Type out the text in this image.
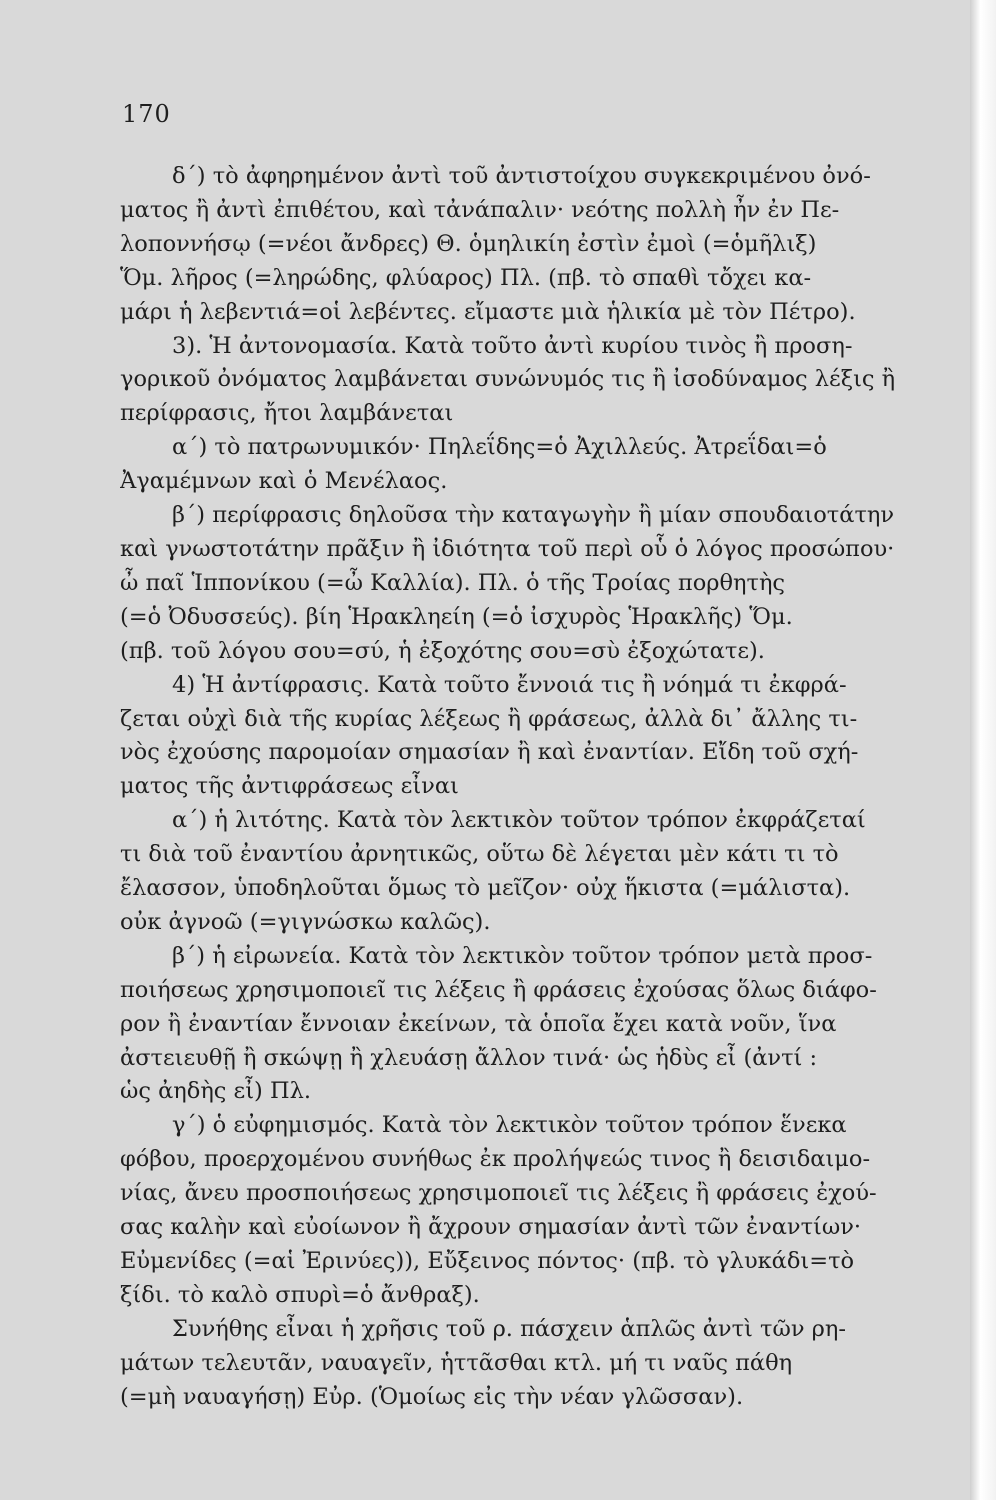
170
δ΄) τὸ ἀφηρημένον ἀντὶ τοῦ ἀντιστοίχου συγκεκριμένου ὀνό-
ματος ἢ ἀντὶ ἐπιθέτου, καὶ τἀνάπαλιν· νεότης πολλὴ ἦν ἐν Πε-
λοποννήσῳ (=νέοι ἄνδρες) Θ. ὁμηλικίη ἐστὶν ἐμοὶ (=ὁμῆλιξ)
Ὅμ. λῆρος (=ληρώδης, φλύαρος) Πλ. (πβ. τὸ σπαθὶ τὄχει κα-
μάρι ἡ λεβεντιά=οἱ λεβέντες. εἴμαστε μιὰ ἡλικία μὲ τὸν Πέτρο).
3). Ἡ ἀντονομασία. Κατὰ τοῦτο ἀντὶ κυρίου τινὸς ἢ προση-
γορικοῦ ὀνόματος λαμβάνεται συνώνυμός τις ἢ ἰσοδύναμος λέξις ἢ
περίφρασις, ἤτοι λαμβάνεται
α΄) τὸ πατρωνυμικόν· Πηλεΐδης=ὁ Ἀχιλλεύς. Ἀτρεΐδαι=ὁ
Ἀγαμέμνων καὶ ὁ Μενέλαος.
β΄) περίφρασις δηλοῦσα τὴν καταγωγὴν ἢ μίαν σπουδαιοτάτην
καὶ γνωστοτάτην πρᾶξιν ἢ ἰδιότητα τοῦ περὶ οὗ ὁ λόγος προσώπου·
ὦ παῖ Ἱππονίκου (=ὦ Καλλία). Πλ. ὁ τῆς Τροίας πορθητὴς
(=ὁ Ὀδυσσεύς). βίη Ἡρακληείη (=ὁ ἰσχυρὸς Ἡρακλῆς) Ὅμ.
(πβ. τοῦ λόγου σου=σύ, ἡ ἐξοχότης σου=σὺ ἐξοχώτατε).
4) Ἡ ἀντίφρασις. Κατὰ τοῦτο ἔννοιά τις ἢ νόημά τι ἐκφρά-
ζεται οὐχὶ διὰ τῆς κυρίας λέξεως ἢ φράσεως, ἀλλὰ δι᾿ ἄλλης τι-
νὸς ἐχούσης παρομοίαν σημασίαν ἢ καὶ ἐναντίαν. Εἴδη τοῦ σχή-
ματος τῆς ἀντιφράσεως εἶναι
α΄) ἡ λιτότης. Κατὰ τὸν λεκτικὸν τοῦτον τρόπον ἐκφράζεταί
τι διὰ τοῦ ἐναντίου ἀρνητικῶς, οὕτω δὲ λέγεται μὲν κάτι τι τὸ
ἔλασσον, ὑποδηλοῦται ὅμως τὸ μεῖζον· οὐχ ἥκιστα (=μάλιστα).
οὐκ ἀγνοῶ (=γιγνώσκω καλῶς).
β΄) ἡ εἰρωνεία. Κατὰ τὸν λεκτικὸν τοῦτον τρόπον μετὰ προσ-
ποιήσεως χρησιμοποιεῖ τις λέξεις ἢ φράσεις ἐχούσας ὅλως διάφο-
ρον ἢ ἐναντίαν ἔννοιαν ἐκείνων, τὰ ὁποῖα ἔχει κατὰ νοῦν, ἵνα
ἀστειευθῇ ἢ σκώψῃ ἢ χλευάσῃ ἄλλον τινά· ὡς ἡδὺς εἶ (ἀντί :
ὡς ἀηδὴς εἶ) Πλ.
γ΄) ὁ εὐφημισμός. Κατὰ τὸν λεκτικὸν τοῦτον τρόπον ἕνεκα
φόβου, προερχομένου συνήθως ἐκ προλήψεώς τινος ἢ δεισιδαιμο-
νίας, ἄνευ προσποιήσεως χρησιμοποιεῖ τις λέξεις ἢ φράσεις ἐχού-
σας καλὴν καὶ εὐοίωνον ἢ ἄχρουν σημασίαν ἀντὶ τῶν ἐναντίων·
Εὐμενίδες (=αἱ Ἐρινύες)), Εὔξεινος πόντος· (πβ. τὸ γλυκάδι=τὸ
ξίδι. τὸ καλὸ σπυρὶ=ὁ ἄνθραξ).
Συνήθης εἶναι ἡ χρῆσις τοῦ ρ. πάσχειν ἁπλῶς ἀντὶ τῶν ρη-
μάτων τελευτᾶν, ναυαγεῖν, ἡττᾶσθαι κτλ. μή τι ναῦς πάθη
(=μὴ ναυαγήσῃ) Εὐρ. (Ὁμοίως εἰς τὴν νέαν γλῶσσαν).
